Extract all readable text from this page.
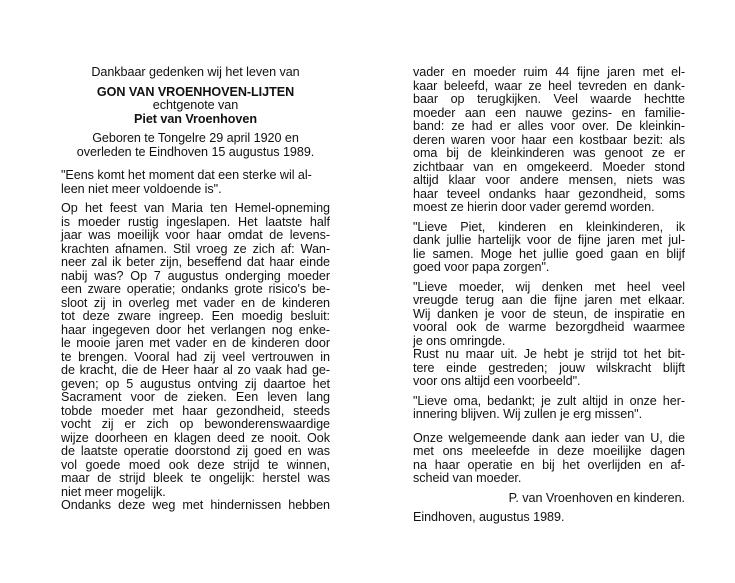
Dankbaar gedenken wij het leven van
GON VAN VROENHOVEN-LIJTEN
echtgenote van
Piet van Vroenhoven
Geboren te Tongelre 29 april 1920 en
overleden te Eindhoven 15 augustus 1989.
"Eens komt het moment dat een sterke wil al-
leen niet meer voldoende is".
Op het feest van Maria ten Hemel-opneming
is moeder rustig ingeslapen. Het laatste half
jaar was moeilijk voor haar omdat de levens-
krachten afnamen. Stil vroeg ze zich af: Wan-
neer zal ik beter zijn, beseffend dat haar einde
nabij was? Op 7 augustus onderging moeder
een zware operatie; ondanks grote risico's be-
sloot zij in overleg met vader en de kinderen
tot deze zware ingreep. Een moedig besluit:
haar ingegeven door het verlangen nog enke-
le mooie jaren met vader en de kinderen door
te brengen. Vooral had zij veel vertrouwen in
de kracht, die de Heer haar al zo vaak had ge-
geven; op 5 augustus ontving zij daartoe het
Sacrament voor de zieken. Een leven lang
tobde moeder met haar gezondheid, steeds
vocht zij er zich op bewonderenswaardige
wijze doorheen en klagen deed ze nooit. Ook
de laatste operatie doorstond zij goed en was
vol goede moed ook deze strijd te winnen,
maar de strijd bleek te ongelijk: herstel was
niet meer mogelijk.
Ondanks deze weg met hindernissen hebben
vader en moeder ruim 44 fijne jaren met el-
kaar beleefd, waar ze heel tevreden en dank-
baar op terugkijken. Veel waarde hechtte
moeder aan een nauwe gezins- en familie-
band: ze had er alles voor over. De kleinkin-
deren waren voor haar een kostbaar bezit: als
oma bij de kleinkinderen was genoot ze er
zichtbaar van en omgekeerd. Moeder stond
altijd klaar voor andere mensen, niets was
haar teveel ondanks haar gezondheid, soms
moest ze hierin door vader geremd worden.
"Lieve Piet, kinderen en kleinkinderen, ik
dank jullie hartelijk voor de fijne jaren met jul-
lie samen. Moge het jullie goed gaan en blijf
goed voor papa zorgen".
"Lieve moeder, wij denken met heel veel
vreugde terug aan die fijne jaren met elkaar.
Wij danken je voor de steun, de inspiratie en
vooral ook de warme bezorgdheid waarmee
je ons omringde.
Rust nu maar uit. Je hebt je strijd tot het bit-
tere einde gestreden; jouw wilskracht blijft
voor ons altijd een voorbeeld".
"Lieve oma, bedankt; je zult altijd in onze her-
innering blijven. Wij zullen je erg missen".
Onze welgemeende dank aan ieder van U, die
met ons meeleefde in deze moeilijke dagen
na haar operatie en bij het overlijden en af-
scheid van moeder.
P. van Vroenhoven en kinderen.
Eindhoven, augustus 1989.
